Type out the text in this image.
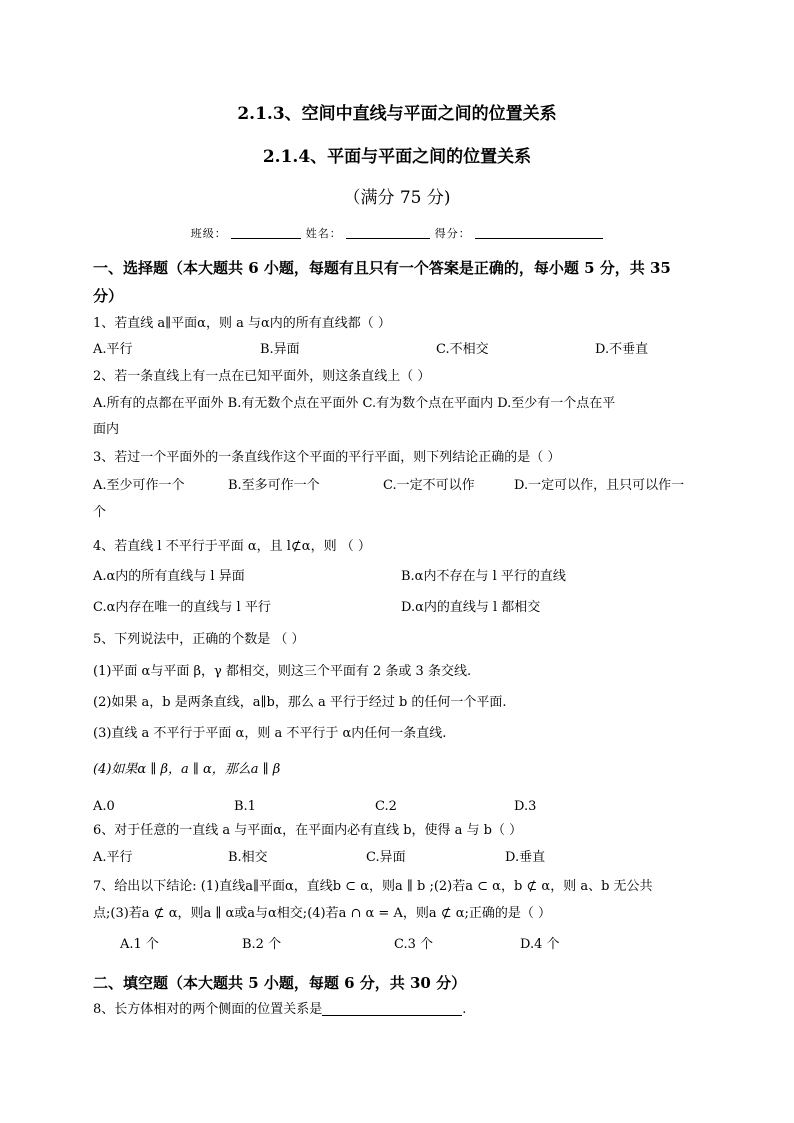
2.1.3、空间中直线与平面之间的位置关系
2.1.4、平面与平面之间的位置关系
（满分 75 分)
班级：	姓名：	得分：
一、选择题（本大题共 6 小题，每题有且只有一个答案是正确的，每小题 5 分，共 35
分）
1、若直线 a∥平面α，则 a 与α内的所有直线都（ ）
A.平行	B.异面	C.不相交	D.不垂直
2、若一条直线上有一点在已知平面外，则这条直线上（ ）
A.所有的点都在平面外 B.有无数个点在平面外 C.有为数个点在平面内 D.至少有一个点在平
面内
3、若过一个平面外的一条直线作这个平面的平行平面，则下列结论正确的是（ ）
A.至少可作一个	B.至多可作一个	C.一定不可以作	D.一定可以作，且只可以作一
个
4、若直线 l 不平行于平面 α，且 l⊄α，则 （ ）
A.α内的所有直线与 l 异面	B.α内不存在与 l 平行的直线
C.α内存在唯一的直线与 l 平行	D.α内的直线与 l 都相交
5、下列说法中，正确的个数是 （ ）
(1)平面 α与平面 β，γ 都相交，则这三个平面有 2 条或 3 条交线.
(2)如果 a，b 是两条直线，a∥b，那么 a 平行于经过 b 的任何一个平面.
(3)直线 a 不平行于平面 α，则 a 不平行于 α内任何一条直线.
(4)如果α ∥ β，a ∥ α，那么a ∥ β
A.0	B.1	C.2	D.3
6、对于任意的一直线 a 与平面α，在平面内必有直线 b，使得 a 与 b（ ）
A.平行	B.相交	C.异面	D.垂直
7、给出以下结论: (1)直线a∥平面α，直线b ⊂ α，则a ∥ b ;(2)若a ⊂ α，b ⊄ α，则 a、b 无公共
点;(3)若a ⊄ α，则a ∥ α或a与α相交;(4)若a ∩ α = A，则a ⊄ α;正确的是（ ）
A.1 个	B.2 个	C.3 个	D.4 个
二、填空题（本大题共 5 小题，每题 6 分，共 30 分）
8、长方体相对的两个侧面的位置关系是	.
